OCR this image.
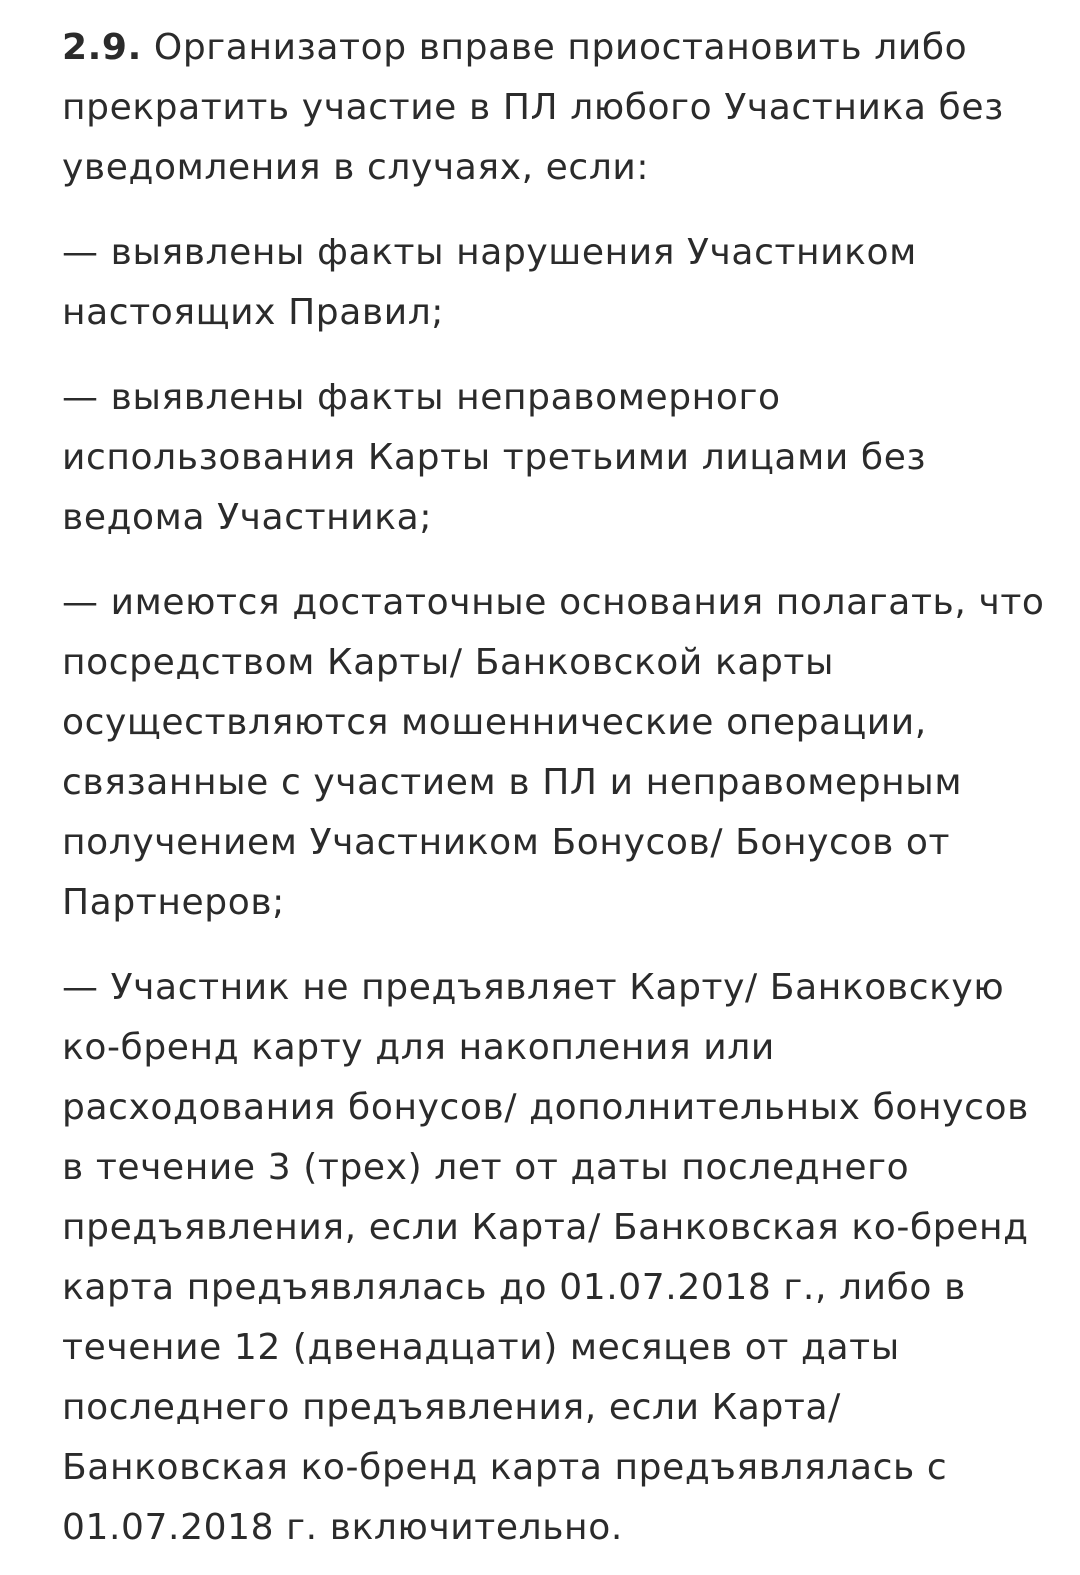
2.9. Организатор вправе приостановить либо прекратить участие в ПЛ любого Участника без уведомления в случаях, если:

— выявлены факты нарушения Участником настоящих Правил;

— выявлены факты неправомерного использования Карты третьими лицами без ведома Участника;

— имеются достаточные основания полагать, что посредством Карты/ Банковской карты осуществляются мошеннические операции, связанные с участием в ПЛ и неправомерным получением Участником Бонусов/ Бонусов от Партнеров;

— Участник не предъявляет Карту/ Банковскую ко-бренд карту для накопления или расходования бонусов/ дополнительных бонусов в течение 3 (трех) лет от даты последнего предъявления, если Карта/ Банковская ко-бренд карта предъявлялась до 01.07.2018 г., либо в течение 12 (двенадцати) месяцев от даты последнего предъявления, если Карта/ Банковская ко-бренд карта предъявлялась с 01.07.2018 г. включительно.
